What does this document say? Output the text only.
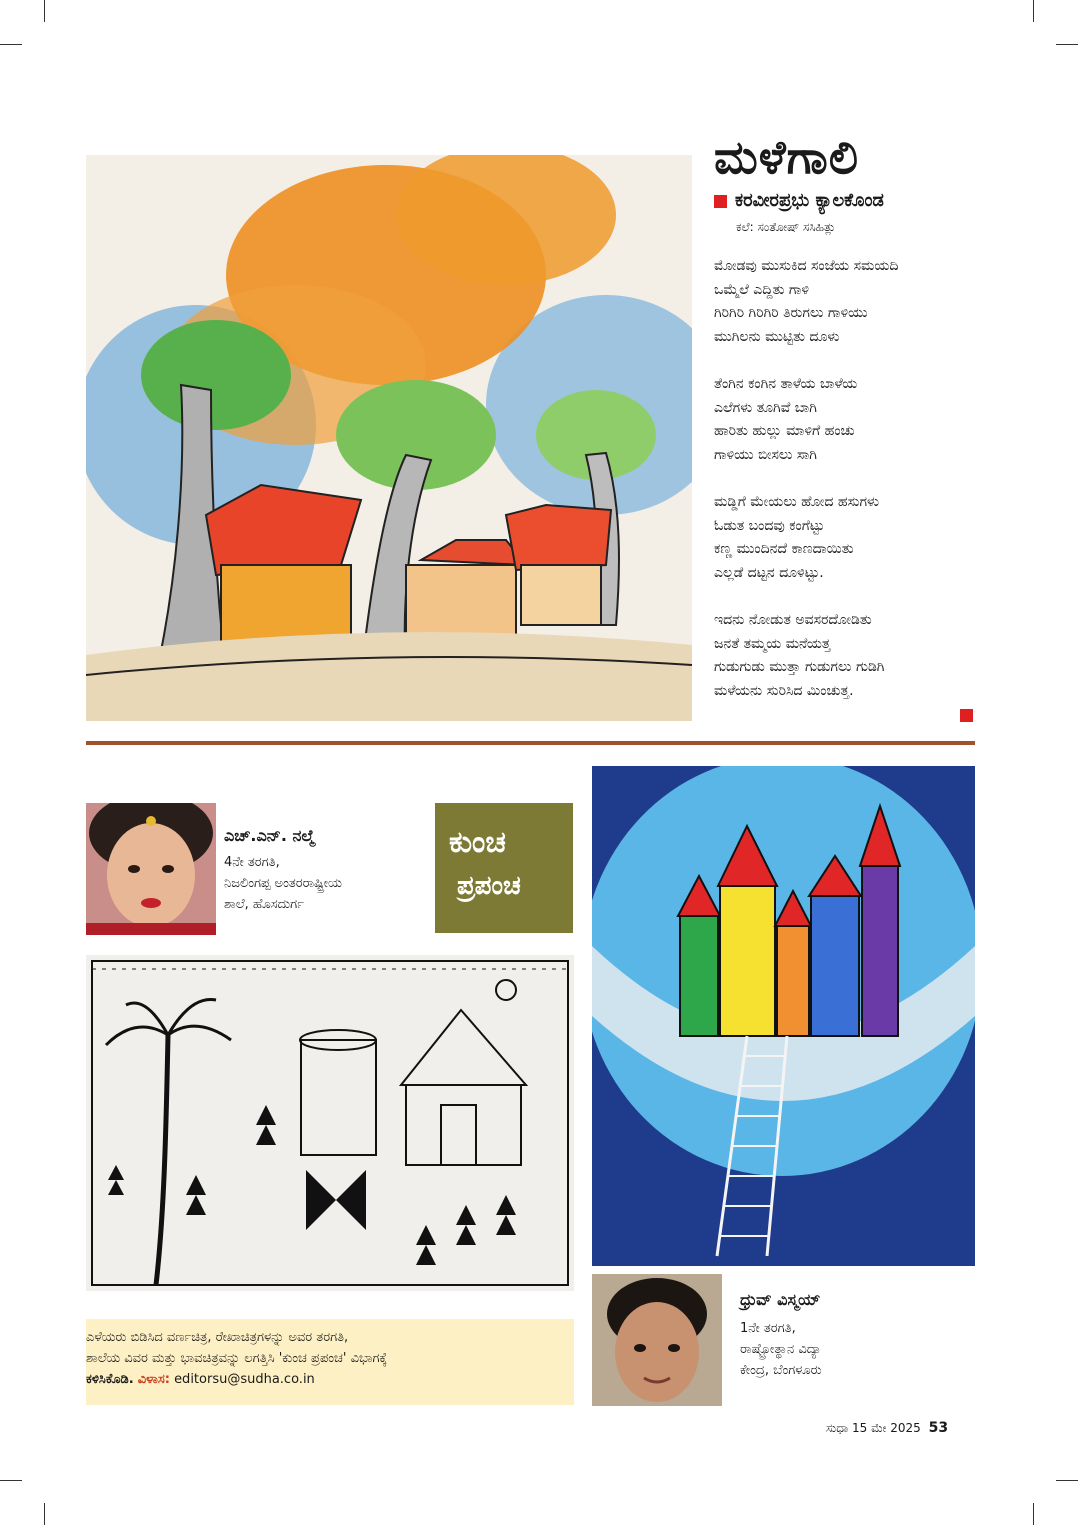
ಮಳೆಗಾಲಿ
ಕರವೀರಪ್ರಭು ಕ್ಯಾಲಕೊಂಡ
ಕಲೆ: ಸಂತೋಷ್ ಸಸಿಹಿತ್ಲು
ಮೋಡವು ಮುಸುಕಿದ ಸಂಜೆಯ ಸಮಯದಿ
ಒಮ್ಮೆಲೆ ಎದ್ದಿತು ಗಾಳಿ
ಗಿರಿಗಿರಿ ಗಿರಿಗಿರಿ ತಿರುಗಲು ಗಾಳಿಯು
ಮುಗಿಲನು ಮುಟ್ಟಿತು ದೂಳು
ತೆಂಗಿನ ಕಂಗಿನ ತಾಳೆಯ ಬಾಳೆಯ
ಎಲೆಗಳು ತೂಗಿವೆ ಬಾಗಿ
ಹಾರಿತು ಹುಲ್ಲು ಮಾಳಿಗೆ ಹಂಚು
ಗಾಳಿಯು ಬೀಸಲು ಸಾಗಿ
ಮಡ್ಡಿಗೆ ಮೇಯಲು ಹೋದ ಹಸುಗಳು
ಓಡುತ ಬಂದವು ಕಂಗೆಟ್ಟು
ಕಣ್ಣ ಮುಂದಿನದೆ ಕಾಣದಾಯಿತು
ಎಲ್ಲಡೆ ದಟ್ಟನ ದೂಳಿಟ್ಟು.
ಇದನು ನೋಡುತ ಅವಸರದೋಡಿತು
ಜನತೆ ತಮ್ಮಯ ಮನೆಯತ್ತ
ಗುಡುಗುಡು ಮುತ್ತಾ ಗುಡುಗಲು ಗುಡಿಗಿ
ಮಳೆಯನು ಸುರಿಸಿದ ಮಿಂಚುತ್ತ.
ಎಚ್.ಎನ್. ನಲ್ಮೆ
4ನೇ ತರಗತಿ,
ನಿಜಲಿಂಗಪ್ಪ ಅಂತರರಾಷ್ಟ್ರೀಯ
ಶಾಲೆ, ಹೊಸದುರ್ಗ
ಕುಂಚ
ಪ್ರಪಂಚ
ಧ್ರುವ್ ವಿಸ್ಮಯ್
1ನೇ ತರಗತಿ,
ರಾಷ್ಟ್ರೋತ್ಥಾನ ವಿದ್ಯಾ
ಕೇಂದ್ರ, ಬೆಂಗಳೂರು
ಎಳೆಯರು ಬಿಡಿಸಿದ ವರ್ಣಚಿತ್ರ, ರೇಖಾಚಿತ್ರಗಳನ್ನು ಅವರ ತರಗತಿ,
ಶಾಲೆಯ ವಿವರ ಮತ್ತು ಭಾವಚಿತ್ರವನ್ನು ಲಗತ್ತಿಸಿ 'ಕುಂಚ ಪ್ರಪಂಚ' ವಿಭಾಗಕ್ಕೆ
ಕಳಿಸಿಕೊಡಿ. ವಿಳಾಸ: editorsu@sudha.co.in
ಸುಧಾ 15 ಮೇ 2025 53
